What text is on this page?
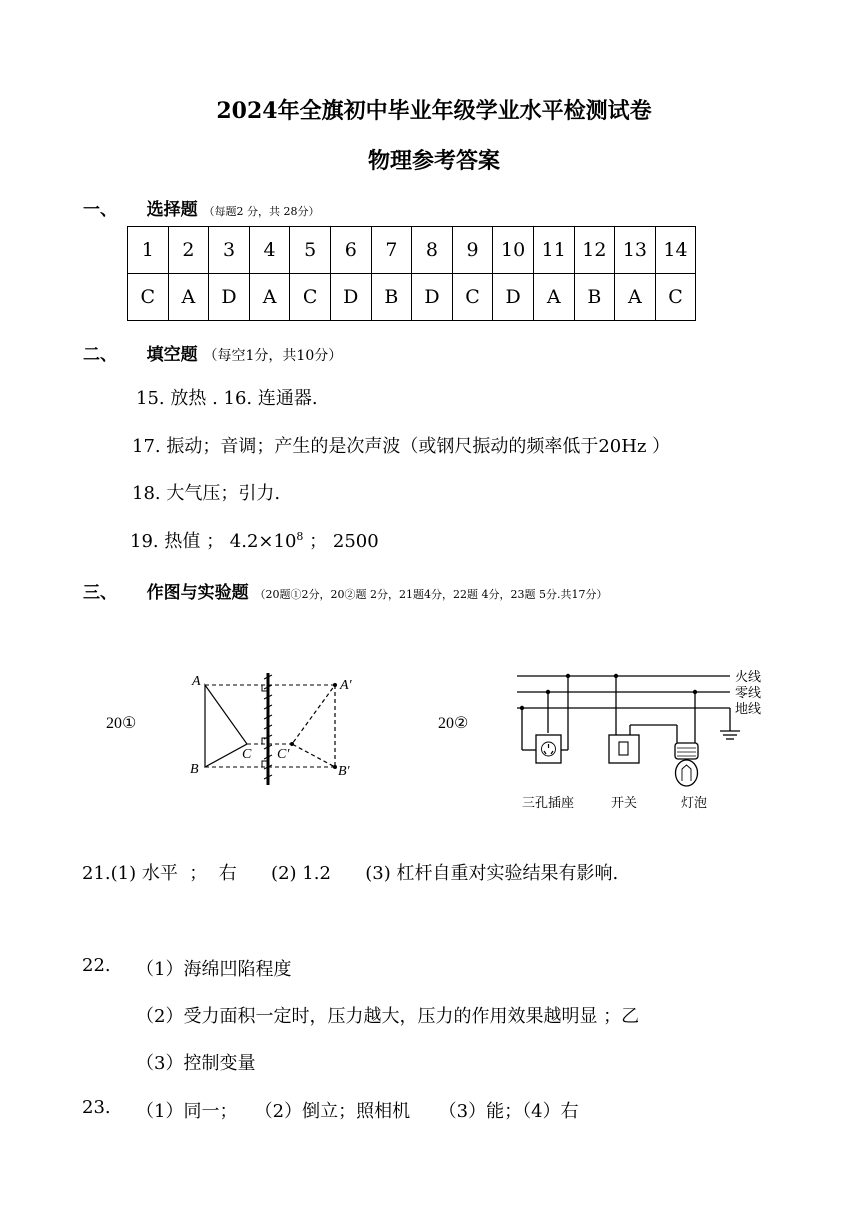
2024年全旗初中毕业年级学业水平检测试卷
物理参考答案
一、 选择题 （每题2 分，共 28分）
1	2	3	4	5	6	7	8	9	10	11	12	13	14
C	A	D	A	C	D	B	D	C	D	A	B	A	C
二、 填空题 （每空1分，共10分）
15. 放热 . 16. 连通器.
17. 振动；音调；产生的是次声波（或钢尺振动的频率低于20Hz ）
18. 大气压；引力.
19. 热值 ； $4.2\times 10^8$ ； 2500
三、 作图与实验题 （20题①2分，20②题 2分，21题4分，22题 4分，23题 5分.共17分）
20①
A
B
C
A′
B′
C′
20②
火线
零线
地线
三孔插座	开关	灯泡
21.(1) 水平  ；  右      (2) 1.2      (3) 杠杆自重对实验结果有影响.
22. （1）海绵凹陷程度
（2）受力面积一定时，压力越大，压力的作用效果越明显 ；乙
（3）控制变量
23. （1）同一；   （2）倒立；照相机     （3）能；（4）右
